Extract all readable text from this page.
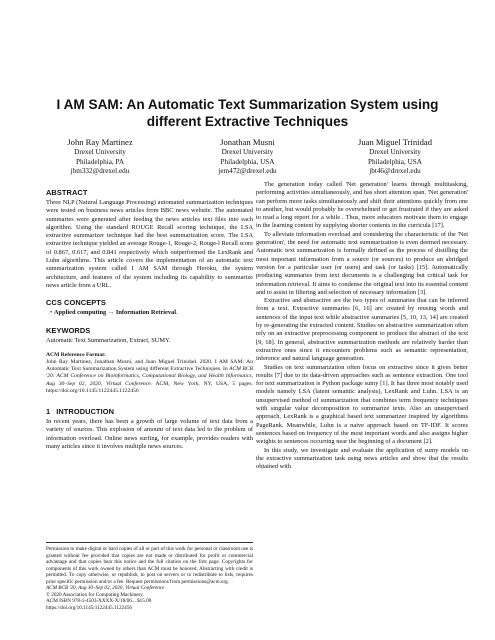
I AM SAM: An Automatic Text Summarization System using
different Extractive Techniques
John Ray Martinez
Drexel University
Philadelphia, PA
jbm332@drexel.edu
Jonathan Musni
Drexel University
Philadelphia, USA
jem472@drexel.edu
Juan Miguel Trinidad
Drexel University
Philadelphia, USA
jbt46@drexel.edu
ABSTRACT

Three NLP (Natural Language Processing) automated summarization techniques were tested on business news articles from BBC news website. The automated summaries were generated after feeding the news articles text files into each algorithm. Using the standard ROUGE Recall scoring technique, the LSA extractive summarizer technique had the best summarization score. The LSA extractive technique yielded an average Rouge-1, Rouge-2, Rouge-l Recall score of 0.867, 0.617, and 0.841 respectively which outperformed the LexRank and Luhn algorithms. This article covers the implementation of an automatic text summarization system called I AM SAM through Heroku, the system architecture, and features of the system including its capability to summarize news article from a URL.

CCS CONCEPTS
• Applied computing → Information Retrieval.
KEYWORDS

Automatic Text Summarization, Extract, SUMY.

ACM Reference Format:
John Ray Martinez, Jonathan Musni, and Juan Miguel Trinidad. 2020. I AM SAM: An Automatic Text Summarization System using different Extractive Techniques. In ACM BCB '20: ACM Conference on Bioinformatics, Computational Biology, and Health Informatics, Aug 30–Sep 02, 2020, Virtual Conference. ACM, New York, NY, USA, 5 pages. https://doi.org/10.1145/1122445.1122456
1 INTRODUCTION

In recent years, there has been a growth of large volume of text data from a variety of sources. This explosion of amount of text data led to the problem of information overload. Online news surfing, for example, provides readers with many articles since it involves multiple news sources.

Permission to make digital or hard copies of all or part of this work for personal or classroom use is granted without fee provided that copies are not made or distributed for profit or commercial advantage and that copies bear this notice and the full citation on the first page. Copyrights for components of this work owned by others than ACM must be honored. Abstracting with credit is permitted. To copy otherwise, or republish, to post on servers or to redistribute to lists, requires prior specific permission and/or a fee. Request permissions from permissions@acm.org.
ACM BCB '20, Aug 30–Sep 02, 2020, Virtual Conference
© 2020 Association for Computing Machinery.
ACM ISBN 978-1-4503-XXXX-X/18/06... $15.00
https://doi.org/10.1145/1122445.1122456

The generation today called 'Net generation' learns through multitasking, performing activities simultaneously, and has short attention span. 'Net generation' can perform more tasks simultaneously and shift their attentions quickly from one to another, but would probably be overwhelmed or get frustrated if they are asked to read a long report for a while . Thus, more educators motivate them to engage in the learning content by supplying shorter contents in the curricula [17].

To alleviate information overload and considering the characteristic of the 'Net generation', the need for automatic text summarization is even deemed necessary. Automatic text summarization is formally defined as the process of distilling the most important information from a source (or sources) to produce an abridged version for a particular user (or users) and task (or tasks) [15]. Automatically producing summaries from text documents is a challenging but critical task for information retrieval. It aims to condense the original text into its essential content and to assist in filtering and selection of necessary information [3].

Extractive and abstractive are the two types of summaries that can be inferred from a text. Extractive summaries [6, 16] are created by reusing words and sentences of the input text while abstractive summaries [5, 10, 13, 14] are created by re-generating the extracted content. Studies on abstractive summarization often rely on an extractive preprocessing component to produce the abstract of the text [9, 18]. In general, abstractive summarization methods are relatively harder than extractive ones since it encounters problems such as semantic representation, inference and natural language generation.

Studies on text summarization often focus on extractive since it gives better results [7] due to its data-driven approaches such as sentence extraction. One tool for text summarization is Python package sumy [1]. It has three most notably used models namely LSA (latent semantic analysis), LexRank and Luhn. LSA is an unsupervised method of summarization that combines term frequency techniques with singular value decomposition to summarize texts. Also an unsupervised approach, LexRank is a graphical based text summarizer inspired by algorithms PageRank. Meanwhile, Luhn is a naive approach based on TF-IDF. It scores sentences based on frequency of the most important words and also assigns higher weights to sentences occurring near the beginning of a document [2].

In this study, we investigate and evaluate the application of sumy models on the extractive summarization task using news articles and show that the results obtained with
